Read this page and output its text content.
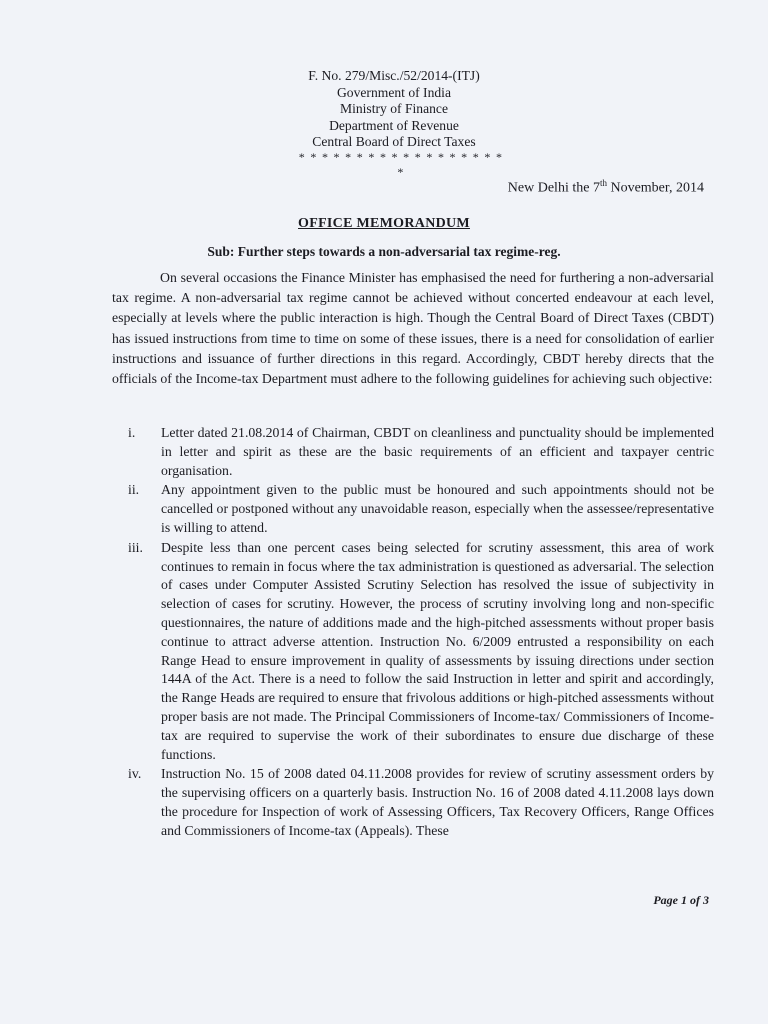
F. No. 279/Misc./52/2014-(ITJ)
Government of India
Ministry of Finance
Department of Revenue
Central Board of Direct Taxes
* * * * * * * * * * * * * * * * * * *
New Delhi the 7th November, 2014
OFFICE MEMORANDUM
Sub: Further steps towards a non-adversarial tax regime-reg.
On several occasions the Finance Minister has emphasised the need for furthering a non-adversarial tax regime. A non-adversarial tax regime cannot be achieved without concerted endeavour at each level, especially at levels where the public interaction is high. Though the Central Board of Direct Taxes (CBDT) has issued instructions from time to time on some of these issues, there is a need for consolidation of earlier instructions and issuance of further directions in this regard. Accordingly, CBDT hereby directs that the officials of the Income-tax Department must adhere to the following guidelines for achieving such objective:
i.	Letter dated 21.08.2014 of Chairman, CBDT on cleanliness and punctuality should be implemented in letter and spirit as these are the basic requirements of an efficient and taxpayer centric organisation.
ii.	Any appointment given to the public must be honoured and such appointments should not be cancelled or postponed without any unavoidable reason, especially when the assessee/representative is willing to attend.
iii.	Despite less than one percent cases being selected for scrutiny assessment, this area of work continues to remain in focus where the tax administration is questioned as adversarial. The selection of cases under Computer Assisted Scrutiny Selection has resolved the issue of subjectivity in selection of cases for scrutiny. However, the process of scrutiny involving long and non-specific questionnaires, the nature of additions made and the high-pitched assessments without proper basis continue to attract adverse attention. Instruction No. 6/2009 entrusted a responsibility on each Range Head to ensure improvement in quality of assessments by issuing directions under section 144A of the Act. There is a need to follow the said Instruction in letter and spirit and accordingly, the Range Heads are required to ensure that frivolous additions or high-pitched assessments without proper basis are not made. The Principal Commissioners of Income-tax/ Commissioners of Income-tax are required to supervise the work of their subordinates to ensure due discharge of these functions.
iv.	Instruction No. 15 of 2008 dated 04.11.2008 provides for review of scrutiny assessment orders by the supervising officers on a quarterly basis. Instruction No. 16 of 2008 dated 4.11.2008 lays down the procedure for Inspection of work of Assessing Officers, Tax Recovery Officers, Range Offices and Commissioners of Income-tax (Appeals). These
Page 1 of 3
